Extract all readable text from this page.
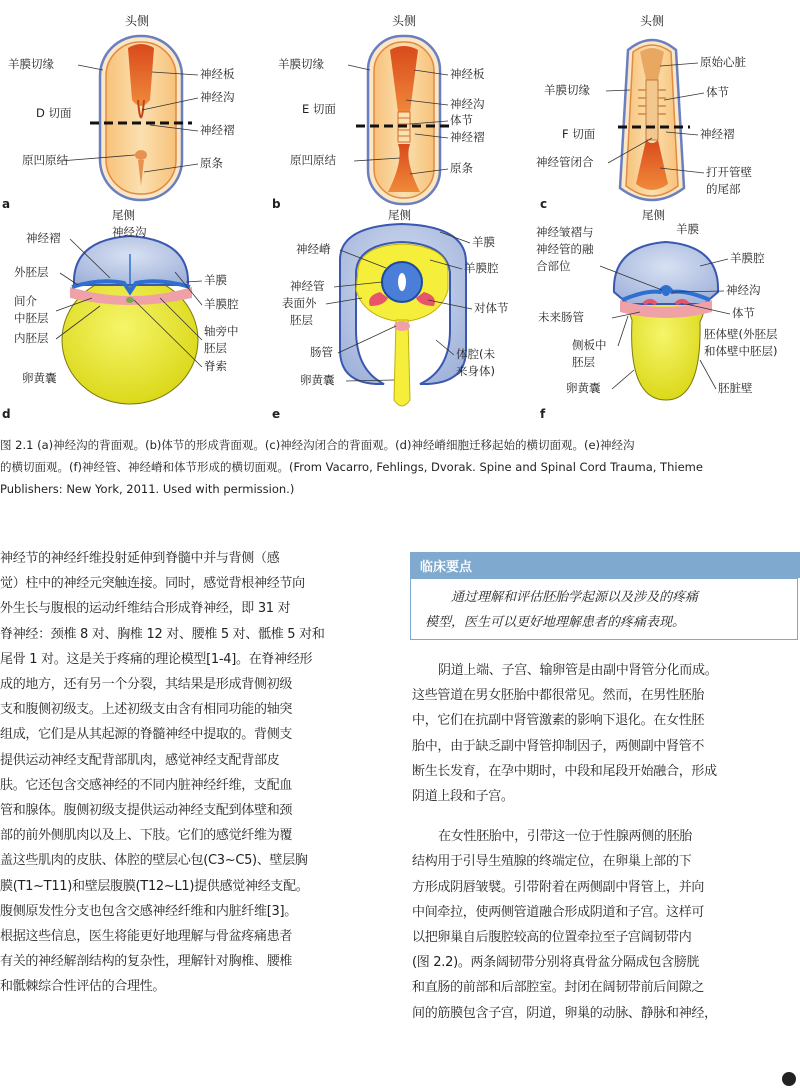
头侧
羊膜切缘
D 切面
原凹原结
神经板
神经沟
神经褶
原条
a
头侧
羊膜切缘
E 切面
原凹原结
神经板
神经沟
体节
神经褶
原条
b
头侧
羊膜切缘
F 切面
神经管闭合
原始心脏
体节
神经褶
打开管壁
的尾部
c
尾侧
神经沟
神经褶
外胚层
间介
中胚层
内胚层
卵黄囊
羊膜
羊膜腔
轴旁中
胚层
脊索
d
尾侧
神经嵴
神经管
表面外
胚层
肠管
卵黄囊
羊膜
羊膜腔
对体节
体腔(未
来身体)
e
尾侧
羊膜
神经皱褶与
神经管的融
合部位
未来肠管
侧板中
胚层
卵黄囊
羊膜腔
神经沟
体节
胚体壁(外胚层
和体壁中胚层)
胚脏壁
f
图 2.1 (a)神经沟的背面观。(b)体节的形成背面观。(c)神经沟闭合的背面观。(d)神经嵴细胞迁移起始的横切面观。(e)神经沟
的横切面观。(f)神经管、神经嵴和体节形成的横切面观。(From Vacarro, Fehlings, Dvorak. Spine and Spinal Cord Trauma, Thieme
Publishers: New York, 2011. Used with permission.)
神经节的神经纤维投射延伸到脊髓中并与背侧（感
觉）柱中的神经元突触连接。同时，感觉背根神经节向
外生长与腹根的运动纤维结合形成脊神经，即 31 对
脊神经：颈椎 8 对、胸椎 12 对、腰椎 5 对、骶椎 5 对和
尾骨 1 对。这是关于疼痛的理论模型[1-4]。在脊神经形
成的地方，还有另一个分裂，其结果是形成背侧初级
支和腹侧初级支。上述初级支由含有相同功能的轴突
组成，它们是从其起源的脊髓神经中提取的。背侧支
提供运动神经支配背部肌肉，感觉神经支配背部皮
肤。它还包含交感神经的不同内脏神经纤维，支配血
管和腺体。腹侧初级支提供运动神经支配到体壁和颈
部的前外侧肌肉以及上、下肢。它们的感觉纤维为覆
盖这些肌肉的皮肤、体腔的壁层心包(C3~C5)、壁层胸
膜(T1~T11)和壁层腹膜(T12~L1)提供感觉神经支配。
腹侧原发性分支也包含交感神经纤维和内脏纤维[3]。
根据这些信息，医生将能更好地理解与骨盆疼痛患者
有关的神经解剖结构的复杂性，理解针对胸椎、腰椎
和骶棘综合性评估的合理性。
临床要点
通过理解和评估胚胎学起源以及涉及的疼痛
模型，医生可以更好地理解患者的疼痛表现。
阴道上端、子宫、输卵管是由副中肾管分化而成。
这些管道在男女胚胎中都很常见。然而，在男性胚胎
中，它们在抗副中肾管激素的影响下退化。在女性胚
胎中，由于缺乏副中肾管抑制因子，两侧副中肾管不
断生长发育，在孕中期时，中段和尾段开始融合，形成
阴道上段和子宫。
在女性胚胎中，引带这一位于性腺两侧的胚胎
结构用于引导生殖腺的终端定位，在卵巢上部的下
方形成阴唇皱襞。引带附着在两侧副中肾管上，并向
中间牵拉，使两侧管道融合形成阴道和子宫。这样可
以把卵巢自后腹腔较高的位置牵拉至子宫阔韧带内
(图 2.2)。两条阔韧带分别将真骨盆分隔成包含膀胱
和直肠的前部和后部腔室。封闭在阔韧带前后间隙之
间的筋膜包含子宫，阴道，卵巢的动脉、静脉和神经，
